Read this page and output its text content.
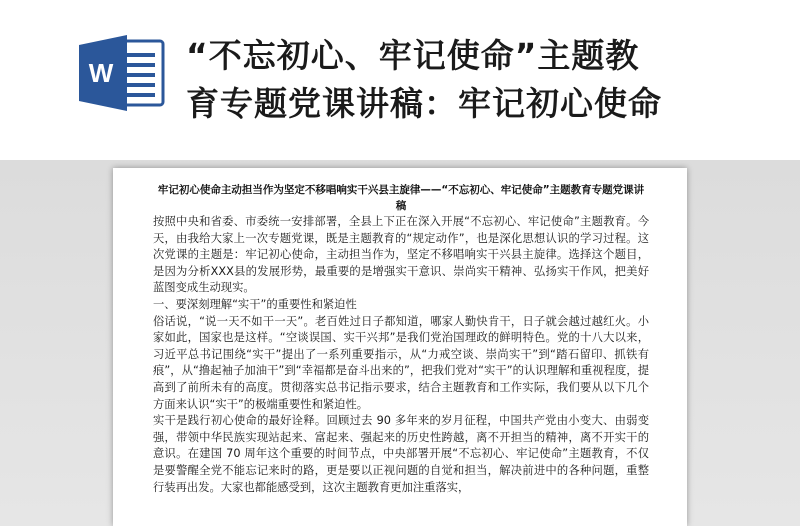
W “不忘初心、牢记使命”主题教
育专题党课讲稿：牢记初心使命
牢记初心使命主动担当作为坚定不移唱响实干兴县主旋律——“不忘初心、牢记使命”主题教育专题党课讲稿

按照中央和省委、市委统一安排部署，全县上下正在深入开展“不忘初心、牢记使命”主题教育。今天，由我给大家上一次专题党课，既是主题教育的“规定动作”，也是深化思想认识的学习过程。这次党课的主题是：牢记初心使命，主动担当作为，坚定不移唱响实干兴县主旋律。选择这个题目，是因为分析XXX县的发展形势，最重要的是增强实干意识、崇尚实干精神、弘扬实干作风，把美好蓝图变成生动现实。

一、要深刻理解“实干”的重要性和紧迫性

俗话说，“说一天不如干一天”。老百姓过日子都知道，哪家人勤快肯干，日子就会越过越红火。小家如此，国家也是这样。“空谈误国、实干兴邦”是我们党治国理政的鲜明特色。党的十八大以来，习近平总书记围绕“实干”提出了一系列重要指示，从“力戒空谈、崇尚实干”到“踏石留印、抓铁有痕”，从“撸起袖子加油干”到“幸福都是奋斗出来的”，把我们党对“实干”的认识理解和重视程度，提高到了前所未有的高度。贯彻落实总书记指示要求，结合主题教育和工作实际，我们要从以下几个方面来认识“实干”的极端重要性和紧迫性。

实干是践行初心使命的最好诠释。回顾过去 90 多年来的岁月征程，中国共产党由小变大、由弱变强，带领中华民族实现站起来、富起来、强起来的历史性跨越，离不开担当的精神，离不开实干的意识。在建国 70 周年这个重要的时间节点，中央部署开展“不忘初心、牢记使命”主题教育，不仅是要警醒全党不能忘记来时的路，更是要以正视问题的自觉和担当，解决前进中的各种问题，重整行装再出发。大家也都能感受到，这次主题教育更加注重落实，
